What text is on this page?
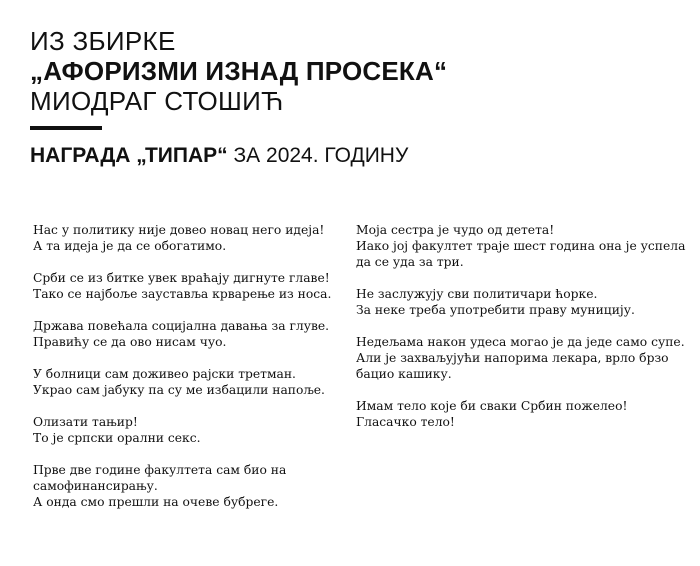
ИЗ ЗБИРКЕ
„АФОРИЗМИ ИЗНАД ПРОСЕКА“
МИОДРАГ СТОШИЋ
НАГРАДА „ТИПАР“ ЗА 2024. ГОДИНУ
Нас у политику није довео новац него идеја!
А та идеја је да се обогатимо.
Срби се из битке увек враћају дигнуте главе!
Тако се најбоље зауставља крварење из носа.
Држава повећала социјална давања за глуве.
Правићу се да ово нисам чуо.
У болници сам доживео рајски третман.
Украо сам јабуку па су ме избацили напоље.
Олизати тањир!
То је српски орални секс.
Прве две године факултета сам био на
самофинансирању.
А онда смо прешли на очеве бубреге.
Моја сестра је чудо од детета!
Иако јој факултет траје шест година она је успела
да се уда за три.
Не заслужују сви политичари ћорке.
За неке треба употребити праву муницију.
Недељама након удеса могао је да једе само супе.
Али је захваљујући напорима лекара, врло брзо
бацио кашику.
Имам тело које би сваки Србин пожелео!
Гласачко тело!
